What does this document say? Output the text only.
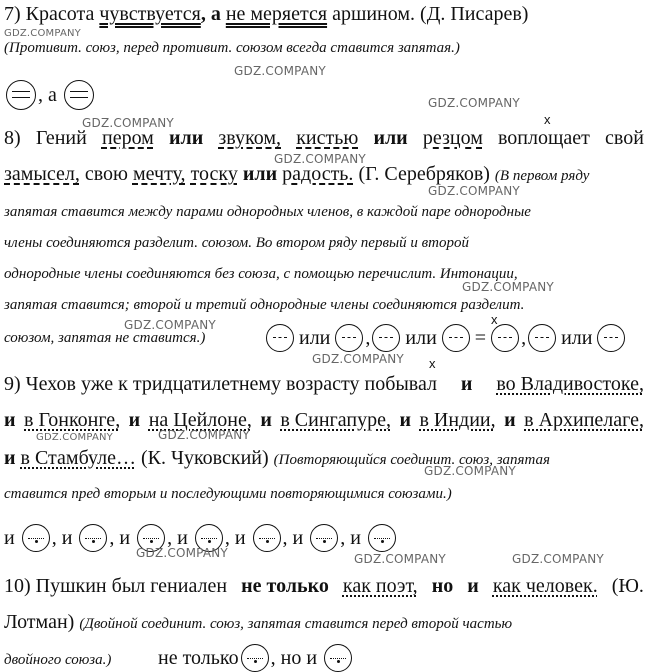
7) Красота чувствуется, а не меряется аршином. (Д. Писарев)
(Противит. союз, перед противит. союзом всегда ставится запятая.)
, а

8) Гений пером или звуком, кистью или резцом воплощает свой
замысел, свою мечту, тоску или радость. (Г. Серебряков) (В первом ряду
запятая ставится между парами однородных членов, в каждой паре однородные
члены соединяются разделит. союзом. Во втором ряду первый и второй
однородные члены соединяются без союза, с помощью перечислит. Интонации,
запятая ставится; второй и третий однородные члены соединяются разделит.
союзом, запятая не ставится.)	или , или = , или
9) Чехов уже к тридцатилетнему возрасту побывал и во Владивостоке,
и в Гонконге, и на Цейлоне, и в Сингапуре, и в Индии, и в Архипелаге,
и в Стамбуле… (К. Чуковский) (Повторяющийся соединит. союз, запятая
ставится пред вторым и последующими повторяющимися союзами.)
и
, и
, и
, и
, и
, и
, и

10) Пушкин был гениален не только как поэт, но и как человек. (Ю.
Лотман) (Двойной соединит. союз, запятая ставится перед второй частью
двойного союза.) не только , но и

x
x
x
GDZ.COMPANY
GDZ.COMPANY
GDZ.COMPANY
GDZ.COMPANY
GDZ.COMPANY
GDZ.COMPANY
GDZ.COMPANY
GDZ.COMPANY
GDZ.COMPANY
GDZ.COMPANY	GDZ.COMPANY
GDZ.COMPANY
GDZ.COMPANY	GDZ.COMPANY	GDZ.COMPANY
